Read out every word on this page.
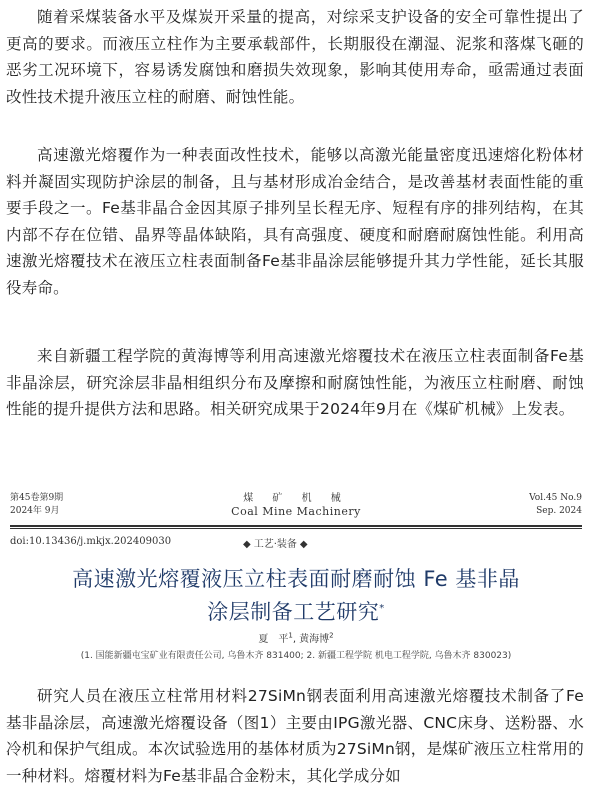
随着采煤装备水平及煤炭开采量的提高，对综采支护设备的安全可靠性提出了更高的要求。而液压立柱作为主要承载部件，长期服役在潮湿、泥浆和落煤飞砸的恶劣工况环境下，容易诱发腐蚀和磨损失效现象，影响其使用寿命，亟需通过表面改性技术提升液压立柱的耐磨、耐蚀性能。

高速激光熔覆作为一种表面改性技术，能够以高激光能量密度迅速熔化粉体材料并凝固实现防护涂层的制备，且与基材形成冶金结合，是改善基材表面性能的重要手段之一。Fe基非晶合金因其原子排列呈长程无序、短程有序的排列结构，在其内部不存在位错、晶界等晶体缺陷，具有高强度、硬度和耐磨耐腐蚀性能。利用高速激光熔覆技术在液压立柱表面制备Fe基非晶涂层能够提升其力学性能，延长其服役寿命。

来自新疆工程学院的黄海博等利用高速激光熔覆技术在液压立柱表面制备Fe基非晶涂层，研究涂层非晶相组织分布及摩擦和耐腐蚀性能，为液压立柱耐磨、耐蚀性能的提升提供方法和思路。相关研究成果于2024年9月在《煤矿机械》上发表。

第45卷第9期
2024年 9月
煤 矿 机 械
Coal Mine Machinery
Vol.45 No.9
Sep. 2024
doi:10.13436/j.mkjx.202409030	◆ 工艺·装备 ◆
高速激光熔覆液压立柱表面耐磨耐蚀 Fe 基非晶
涂层制备工艺研究*
夏　平$^1$, 黄海博$^2$
(1. 国能新疆屯宝矿业有限责任公司, 乌鲁木齐 831400; 2. 新疆工程学院 机电工程学院, 乌鲁木齐 830023)

研究人员在液压立柱常用材料27SiMn钢表面利用高速激光熔覆技术制备了Fe基非晶涂层，高速激光熔覆设备（图1）主要由IPG激光器、CNC床身、送粉器、水冷机和保护气组成。本次试验选用的基体材质为27SiMn钢，是煤矿液压立柱常用的一种材料。熔覆材料为Fe基非晶合金粉末，其化学成分如
